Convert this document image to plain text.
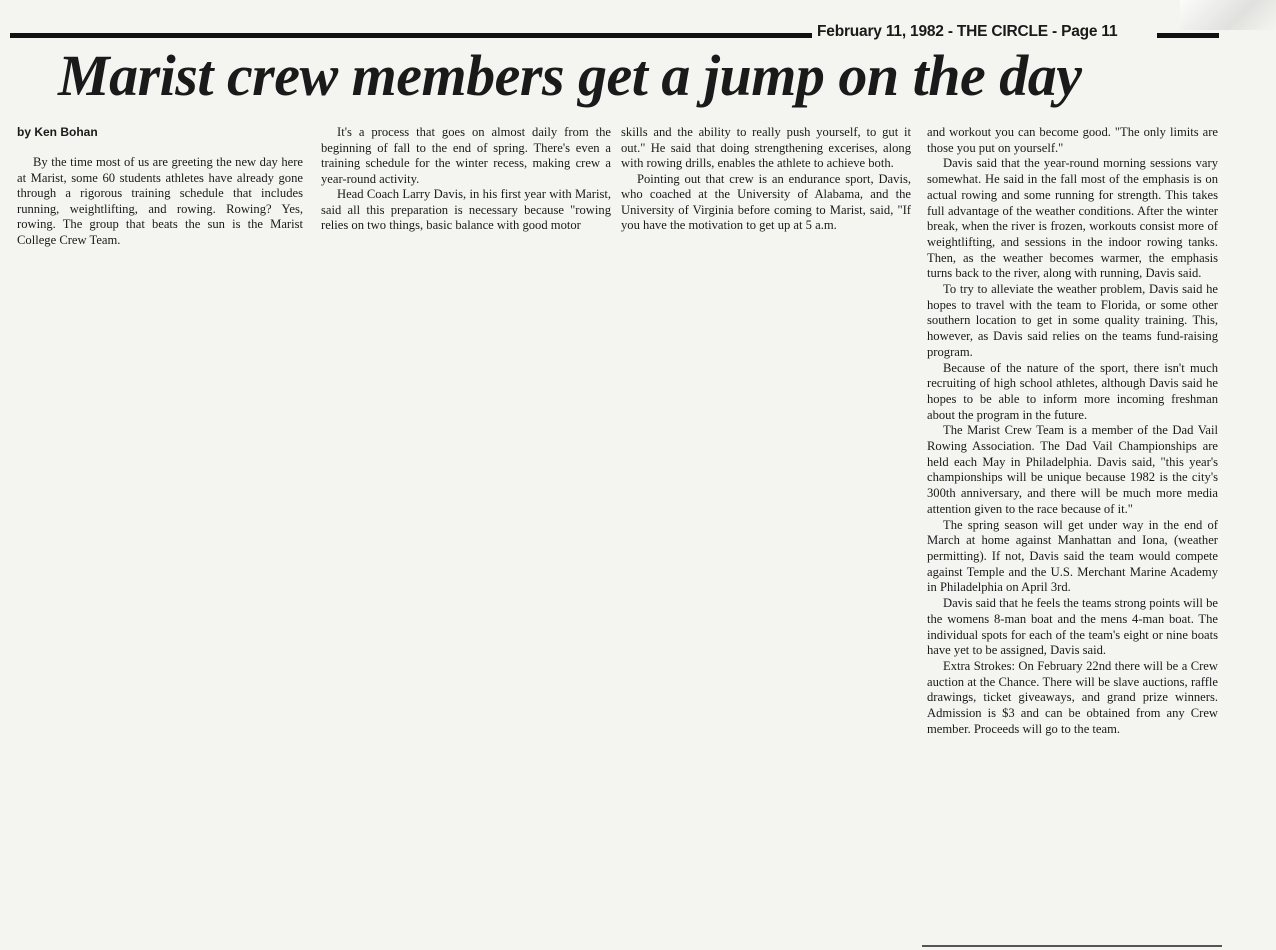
February 11, 1982 - THE CIRCLE - Page 11
Marist crew members get a jump on the day
by Ken Bohan

By the time most of us are greeting the new day here at Marist, some 60 students athletes have already gone through a rigorous training schedule that includes running, weightlifting, and rowing. Rowing? Yes, rowing. The group that beats the sun is the Marist College Crew Team.

It's a process that goes on almost daily from the beginning of fall to the end of spring. There's even a training schedule for the winter recess, making crew a year-round activity.

Head Coach Larry Davis, in his first year with Marist, said all this preparation is necessary because "rowing relies on two things, basic balance with good motor

skills and the ability to really push yourself, to gut it out." He said that doing strengthening excerises, along with rowing drills, enables the athlete to achieve both.

Pointing out that crew is an endurance sport, Davis, who coached at the University of Alabama, and the University of Virginia before coming to Marist, said, "If you have the motivation to get up at 5 a.m.

and workout you can become good. "The only limits are those you put on yourself."

Davis said that the year-round morning sessions vary somewhat. He said in the fall most of the emphasis is on actual rowing and some running for strength. This takes full advantage of the weather conditions. After the winter break, when the river is frozen, workouts consist more of weightlifting, and sessions in the indoor rowing tanks. Then, as the weather becomes warmer, the emphasis turns back to the river, along with running, Davis said.

To try to alleviate the weather problem, Davis said he hopes to travel with the team to Florida, or some other southern location to get in some quality training. This, however, as Davis said relies on the teams fund-raising program.

Because of the nature of the sport, there isn't much recruiting of high school athletes, although Davis said he hopes to be able to inform more incoming freshman about the program in the future.

The Marist Crew Team is a member of the Dad Vail Rowing Association. The Dad Vail Championships are held each May in Philadelphia. Davis said, "this year's championships will be unique because 1982 is the city's 300th anniversary, and there will be much more media attention given to the race because of it."

The spring season will get under way in the end of March at home against Manhattan and Iona, (weather permitting). If not, Davis said the team would compete against Temple and the U.S. Merchant Marine Academy in Philadelphia on April 3rd.

Davis said that he feels the teams strong points will be the womens 8-man boat and the mens 4-man boat. The individual spots for each of the team's eight or nine boats have yet to be assigned, Davis said.

Extra Strokes: On February 22nd there will be a Crew auction at the Chance. There will be slave auctions, raffle drawings, ticket giveaways, and grand prize winners. Admission is $3 and can be obtained from any Crew member. Proceeds will go to the team.
